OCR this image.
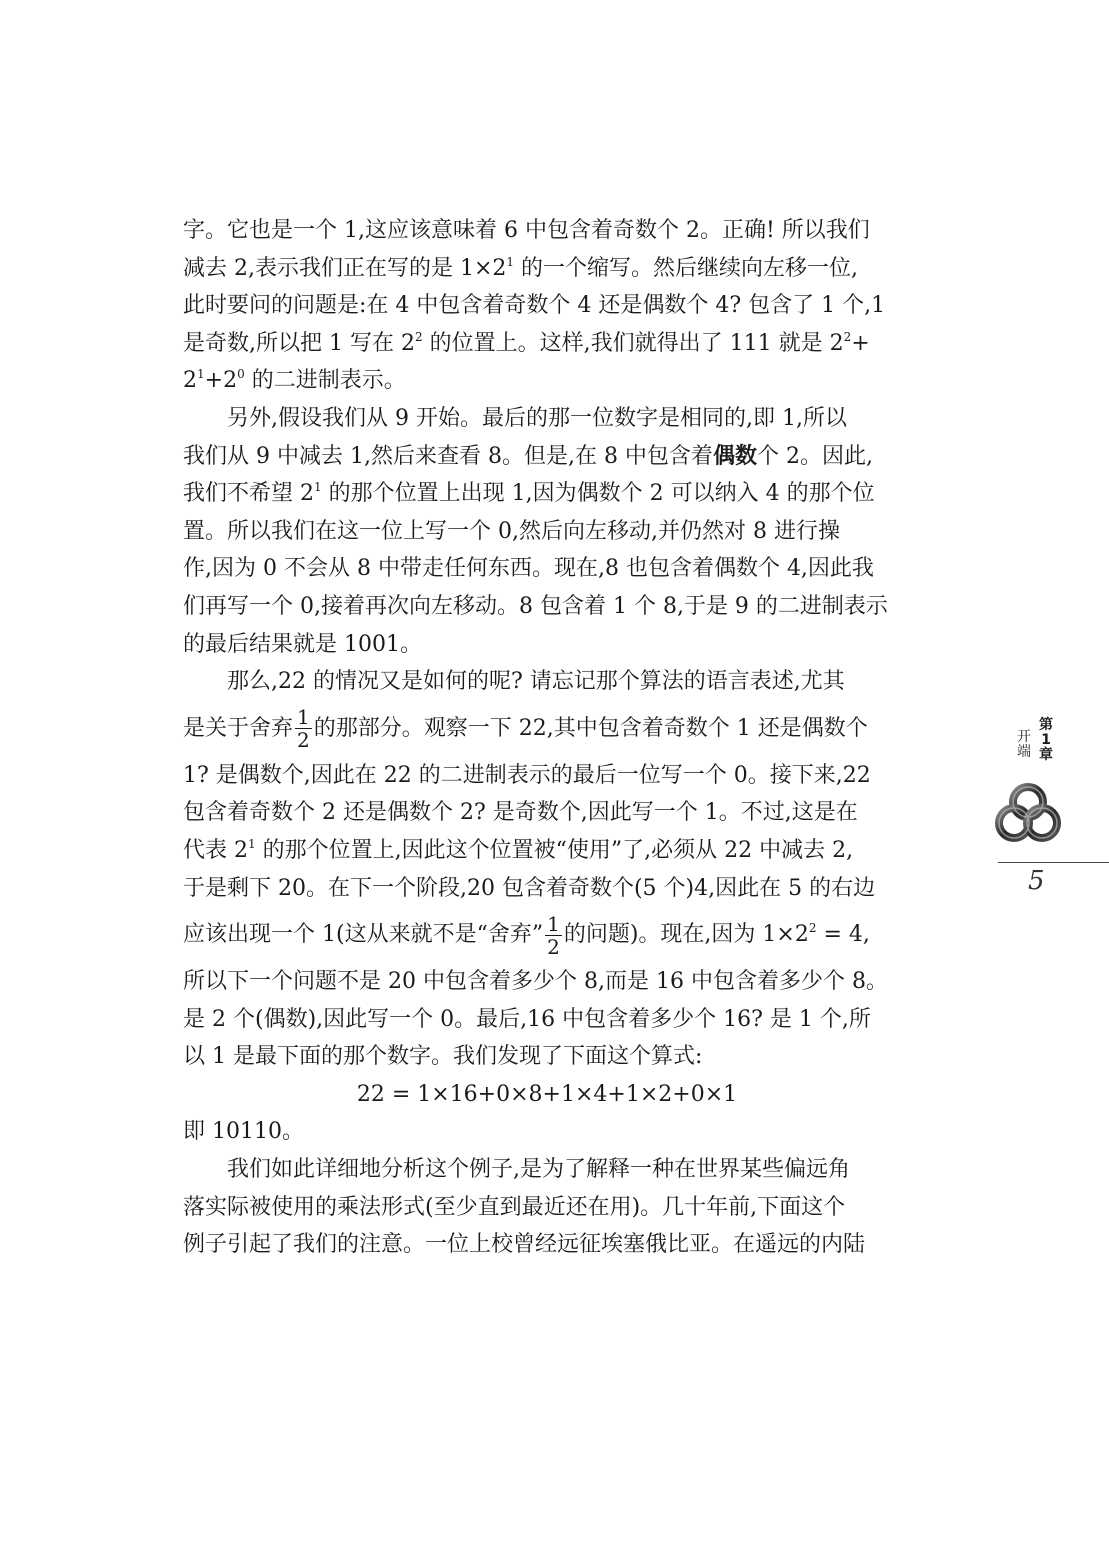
字。它也是一个 1,这应该意味着 6 中包含着奇数个 2。正确! 所以我们
减去 2,表示我们正在写的是 $1\times 2^1$ 的一个缩写。然后继续向左移一位,
此时要问的问题是:在 4 中包含着奇数个 4 还是偶数个 4? 包含了 1 个,1
是奇数,所以把 1 写在 $2^2$ 的位置上。这样,我们就得出了 111 就是 $2^2+$
$2^1+2^0$ 的二进制表示。

另外,假设我们从 9 开始。最后的那一位数字是相同的,即 1,所以
我们从 9 中减去 1,然后来查看 8。但是,在 8 中包含着偶数个 2。因此,
我们不希望 $2^1$ 的那个位置上出现 1,因为偶数个 2 可以纳入 4 的那个位
置。所以我们在这一位上写一个 0,然后向左移动,并仍然对 8 进行操
作,因为 0 不会从 8 中带走任何东西。现在,8 也包含着偶数个 4,因此我
们再写一个 0,接着再次向左移动。8 包含着 1 个 8,于是 9 的二进制表示
的最后结果就是 1001。

那么,22 的情况又是如何的呢? 请忘记那个算法的语言表述,尤其
是关于舍弃 $\frac{1}{2}$ 的那部分。观察一下 22,其中包含着奇数个 1 还是偶数个
1? 是偶数个,因此在 22 的二进制表示的最后一位写一个 0。接下来,22
包含着奇数个 2 还是偶数个 2? 是奇数个,因此写一个 1。不过,这是在
代表 $2^1$ 的那个位置上,因此这个位置被“使用”了,必须从 22 中减去 2,
于是剩下 20。在下一个阶段,20 包含着奇数个(5 个)4,因此在 5 的右边
应该出现一个 1(这从来就不是“舍弃” $\frac{1}{2}$ 的问题)。现在,因为 $1\times 2^2 = 4$,
所以下一个问题不是 20 中包含着多少个 8,而是 16 中包含着多少个 8。
是 2 个(偶数),因此写一个 0。最后,16 中包含着多少个 16? 是 1 个,所
以 1 是最下面的那个数字。我们发现了下面这个算式:

22 = 1×16+0×8+1×4+1×2+0×1
即 10110。

我们如此详细地分析这个例子,是为了解释一种在世界某些偏远角
落实际被使用的乘法形式(至少直到最近还在用)。几十年前,下面这个
例子引起了我们的注意。一位上校曾经远征埃塞俄比亚。在遥远的内陆

第
1
章
开
端
5
